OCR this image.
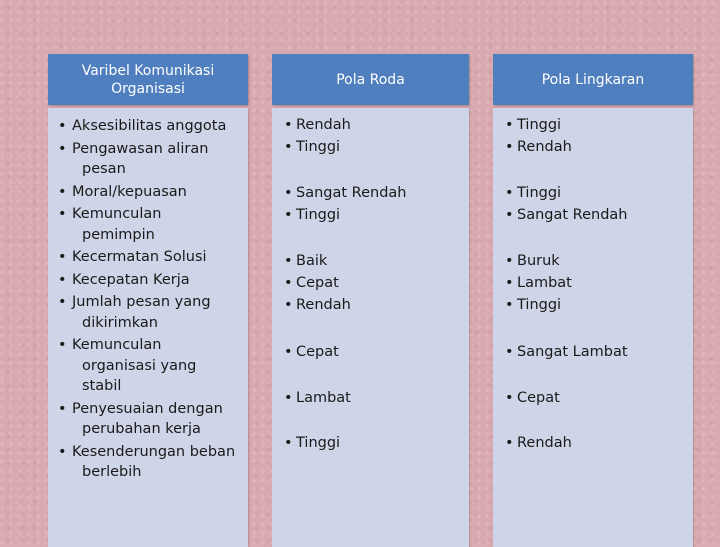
Varibel Komunikasi
Organisasi
• Aksesibilitas anggota
• Pengawasan aliran
pesan
• Moral/kepuasan
• Kemunculan
pemimpin
• Kecermatan Solusi
• Kecepatan Kerja
• Jumlah pesan yang
dikirimkan
• Kemunculan
organisasi yang stabil
• Penyesuaian dengan
perubahan kerja
• Kesenderungan beban
berlebih
Pola Roda
• Rendah
• Tinggi
• Sangat Rendah
• Tinggi
• Baik
• Cepat
• Rendah
• Cepat
• Lambat
• Tinggi
Pola Lingkaran
• Tinggi
• Rendah
• Tinggi
• Sangat Rendah
• Buruk
• Lambat
• Tinggi
• Sangat Lambat
• Cepat
• Rendah
